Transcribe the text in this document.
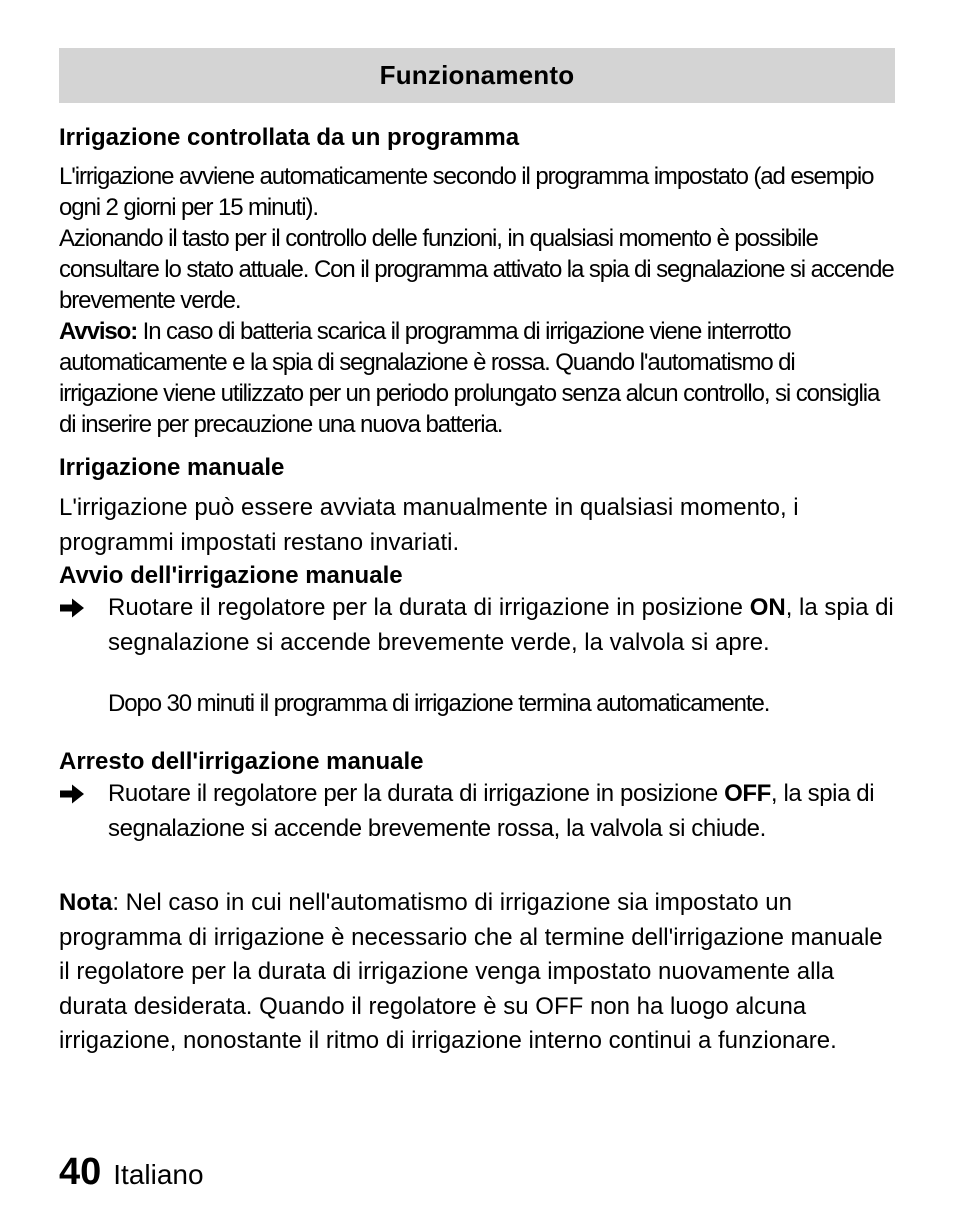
Funzionamento

Irrigazione controllata da un programma

L'irrigazione avviene automaticamente secondo il programma impostato (ad esempio ogni 2 giorni per 15 minuti).

Azionando il tasto per il controllo delle funzioni, in qualsiasi momento è possibile consultare lo stato attuale. Con il programma attivato la spia di segnalazione si accende brevemente verde.

Avviso: In caso di batteria scarica il programma di irrigazione viene interrotto automaticamente e la spia di segnalazione è rossa. Quando l'automatismo di irrigazione viene utilizzato per un periodo prolungato senza alcun controllo, si consiglia di inserire per precauzione una nuova batteria.

Irrigazione manuale

L'irrigazione può essere avviata manualmente in qualsiasi momento, i programmi impostati restano invariati.

Avvio dell'irrigazione manuale

Ruotare il regolatore per la durata di irrigazione in posizione ON, la spia di segnalazione si accende brevemente verde, la valvola si apre.

Dopo 30 minuti il programma di irrigazione termina automaticamente.

Arresto dell'irrigazione manuale

Ruotare il regolatore per la durata di irrigazione in posizione OFF, la spia di segnalazione si accende brevemente rossa, la valvola si chiude.

Nota: Nel caso in cui nell'automatismo di irrigazione sia impostato un programma di irrigazione è necessario che al termine dell'irrigazione manuale il regolatore per la durata di irrigazione venga impostato nuovamente alla durata desiderata. Quando il regolatore è su OFF non ha luogo alcuna irrigazione, nonostante il ritmo di irrigazione interno continui a funzionare.

40 Italiano
